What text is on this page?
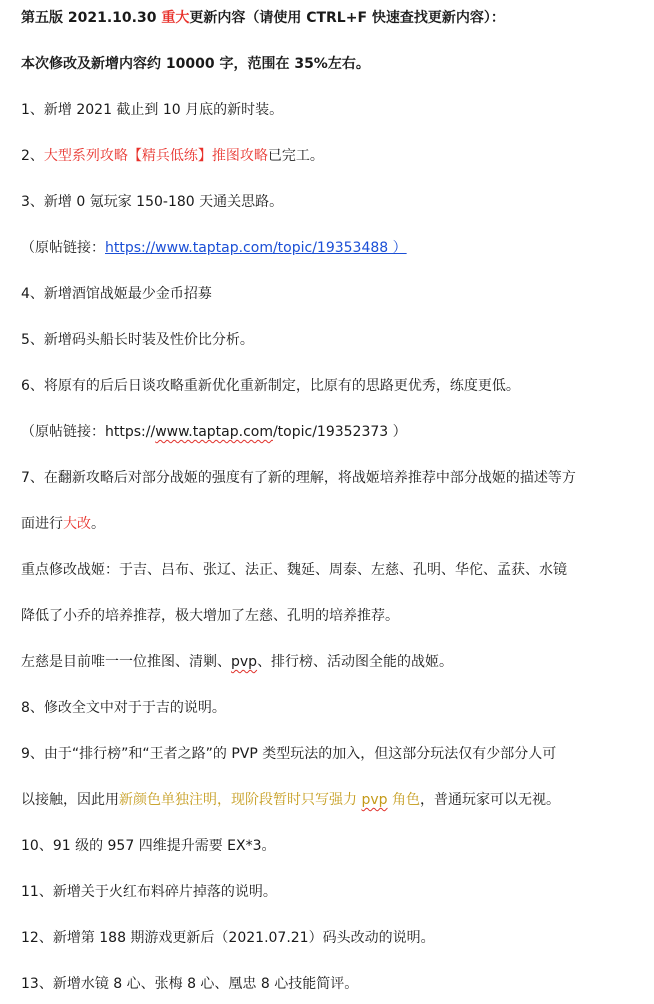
第五版 2021.10.30 重大更新内容（请使用 CTRL+F 快速查找更新内容）：
本次修改及新增内容约 10000 字，范围在 35%左右。
1、新增 2021 截止到 10 月底的新时装。
2、大型系列攻略【精兵低练】推图攻略已完工。
3、新增 0 氪玩家 150-180 天通关思路。
（原帖链接：https://www.taptap.com/topic/19353488 ）
4、新增酒馆战姬最少金币招募
5、新增码头船长时装及性价比分析。
6、将原有的后后日谈攻略重新优化重新制定，比原有的思路更优秀，练度更低。
（原帖链接：https://www.taptap.com/topic/19352373 ）
7、在翻新攻略后对部分战姬的强度有了新的理解，将战姬培养推荐中部分战姬的描述等方
面进行大改。
重点修改战姬：于吉、吕布、张辽、法正、魏延、周泰、左慈、孔明、华佗、孟获、水镜
降低了小乔的培养推荐，极大增加了左慈、孔明的培养推荐。
左慈是目前唯一一位推图、清剿、pvp、排行榜、活动图全能的战姬。
8、修改全文中对于于吉的说明。
9、由于“排行榜”和“王者之路”的 PVP 类型玩法的加入，但这部分玩法仅有少部分人可
以接触，因此用新颜色单独注明，现阶段暂时只写强力 pvp 角色，普通玩家可以无视。
10、91 级的 957 四维提升需要 EX*3。
11、新增关于火红布料碎片掉落的说明。
12、新增第 188 期游戏更新后（2021.07.21）码头改动的说明。
13、新增水镜 8 心、张梅 8 心、凰忠 8 心技能简评。
